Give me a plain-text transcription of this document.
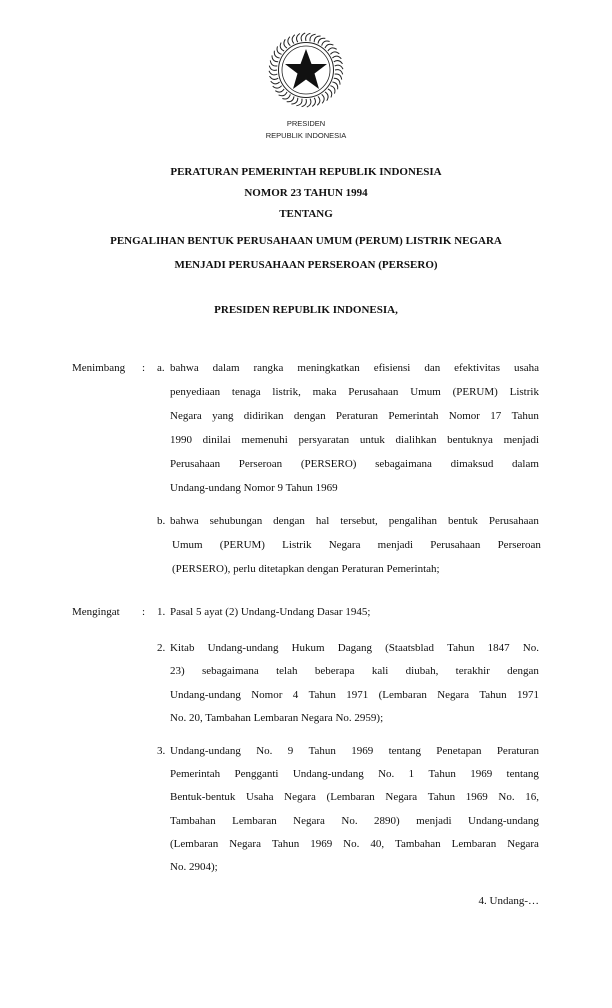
PRESIDEN
REPUBLIK INDONESIA
PERATURAN PEMERINTAH REPUBLIK INDONESIA
NOMOR 23 TAHUN 1994
TENTANG
PENGALIHAN BENTUK PERUSAHAAN UMUM (PERUM) LISTRIK NEGARA
MENJADI PERUSAHAAN PERSEROAN (PERSERO)
PRESIDEN REPUBLIK INDONESIA,
Menimbang :
Mengingat :
a. bahwa dalam rangka meningkatkan efisiensi dan efektivitas usaha
penyediaan tenaga listrik, maka Perusahaan Umum (PERUM) Listrik
Negara yang didirikan dengan Peraturan Pemerintah Nomor 17 Tahun
1990 dinilai memenuhi persyaratan untuk dialihkan bentuknya menjadi
Perusahaan Perseroan (PERSERO) sebagaimana dimaksud dalam
Undang-undang Nomor 9 Tahun 1969
b. bahwa sehubungan dengan hal tersebut, pengalihan bentuk Perusahaan
Umum (PERUM) Listrik Negara menjadi Perusahaan Perseroan
(PERSERO), perlu ditetapkan dengan Peraturan Pemerintah;
1. Pasal 5 ayat (2) Undang-Undang Dasar 1945;
2. Kitab Undang-undang Hukum Dagang (Staatsblad Tahun 1847 No.
23) sebagaimana telah beberapa kali diubah, terakhir dengan
Undang-undang Nomor 4 Tahun 1971 (Lembaran Negara Tahun 1971
No. 20, Tambahan Lembaran Negara No. 2959);
3. Undang-undang No. 9 Tahun 1969 tentang Penetapan Peraturan
Pemerintah Pengganti Undang-undang No. 1 Tahun 1969 tentang
Bentuk-bentuk Usaha Negara (Lembaran Negara Tahun 1969 No. 16,
Tambahan Lembaran Negara No. 2890) menjadi Undang-undang
(Lembaran Negara Tahun 1969 No. 40, Tambahan Lembaran Negara
No. 2904);
4. Undang-…
